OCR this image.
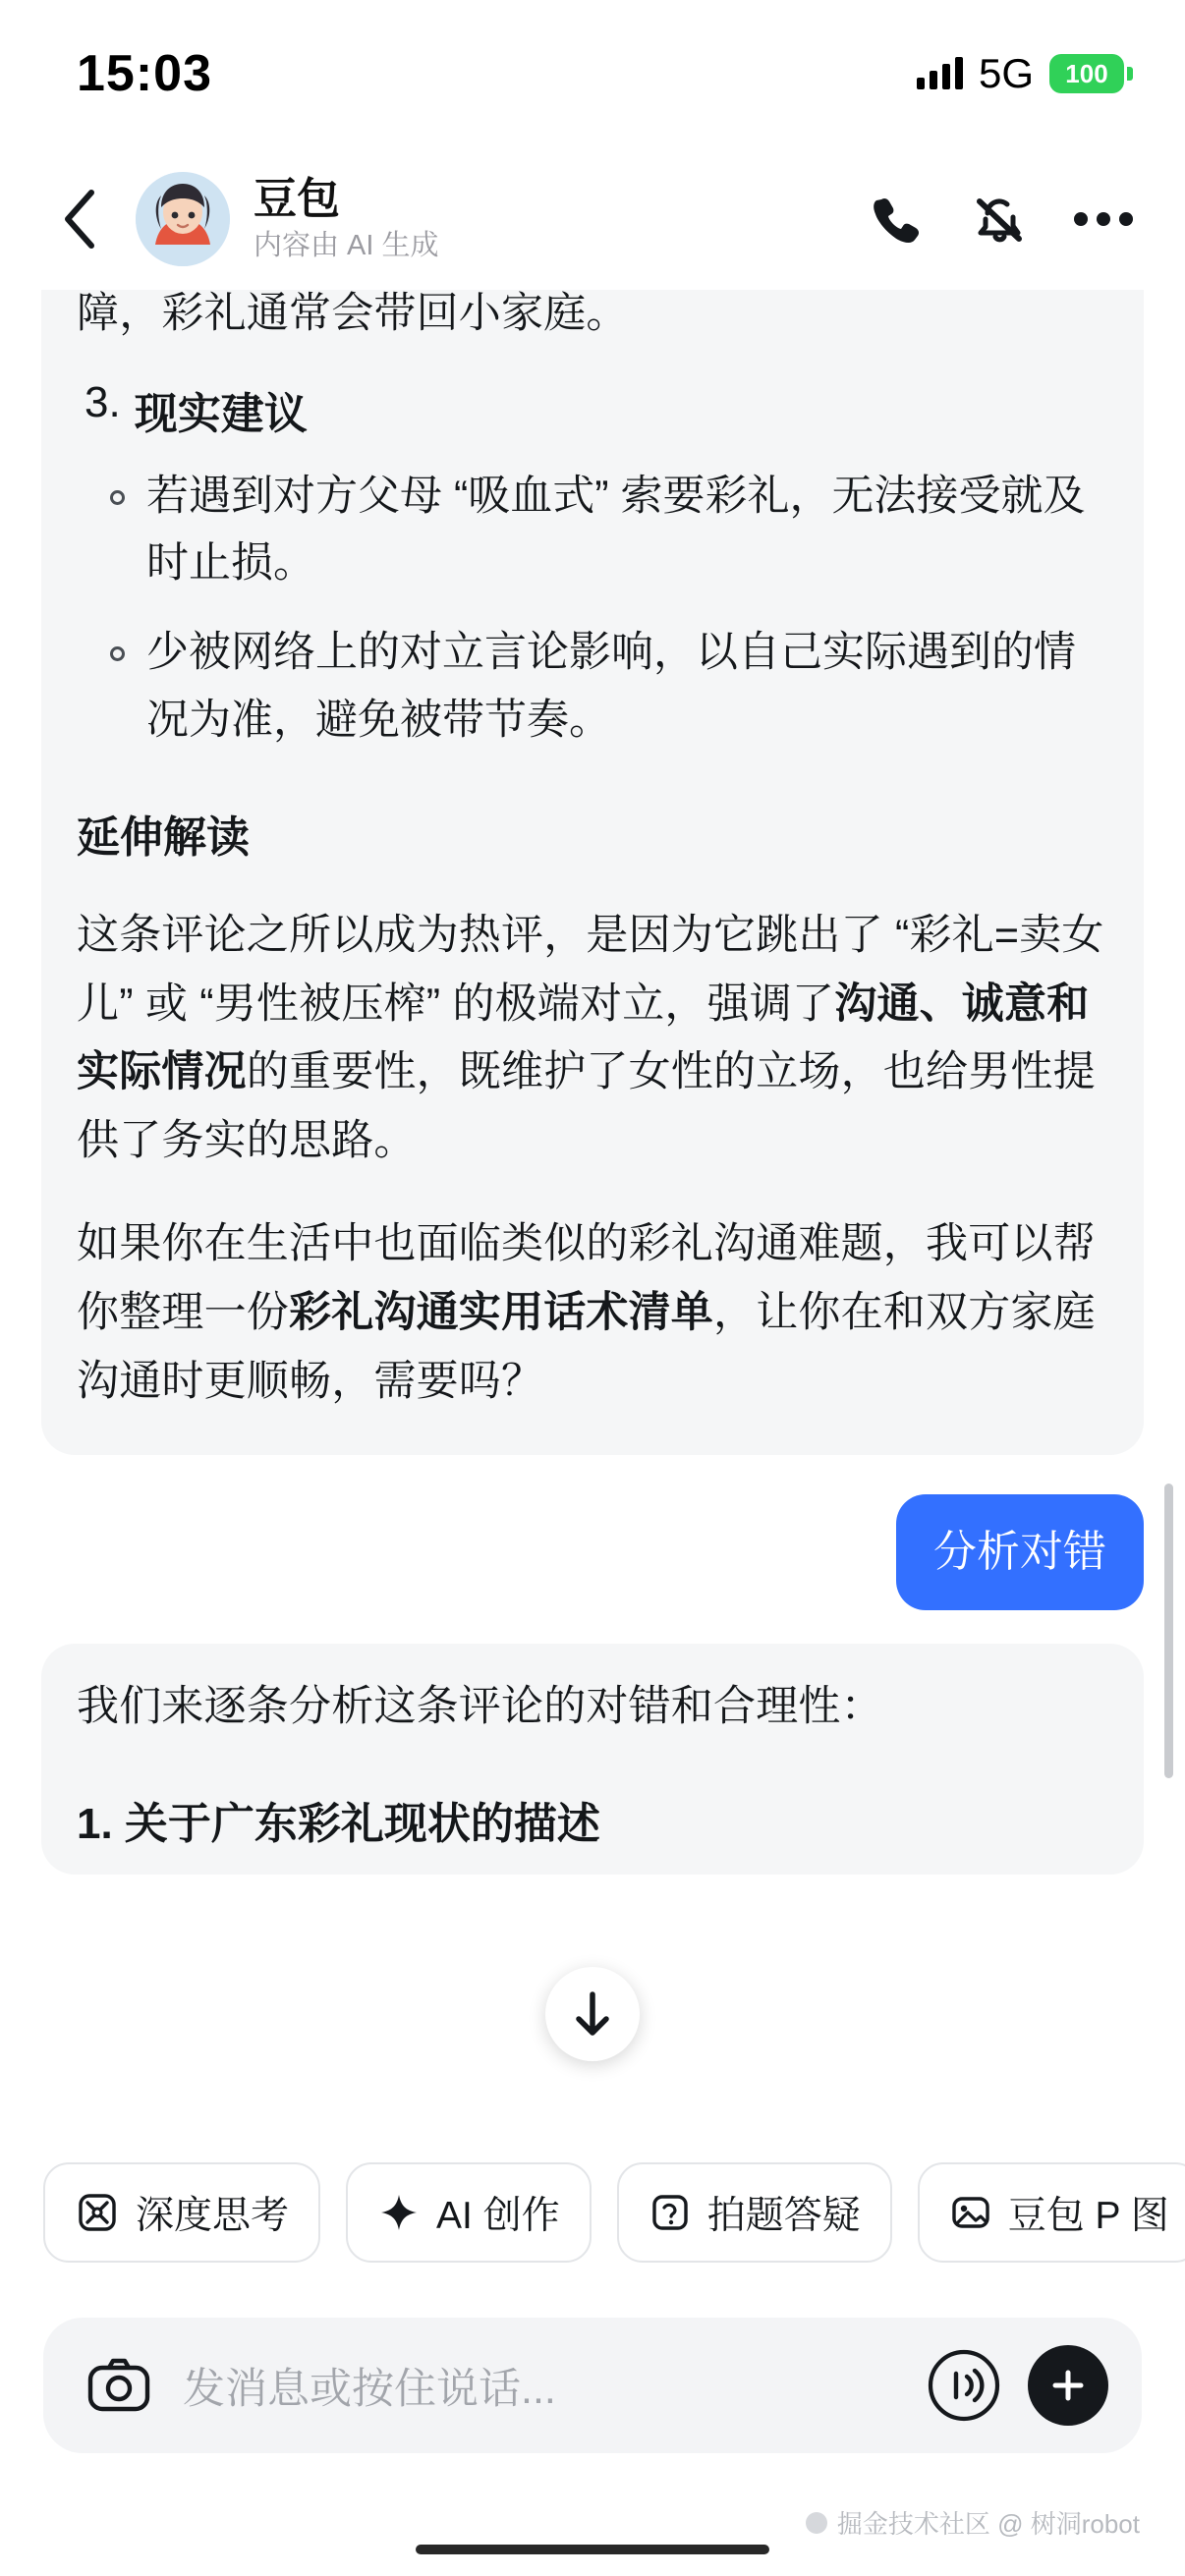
15:03	5G 100
豆包
内容由 AI 生成

障，彩礼通常会带回小家庭。

3. 现实建议
若遇到对方父母 “吸血式” 索要彩礼，无法接受就及时止损。
少被网络上的对立言论影响，以自己实际遇到的情况为准，避免被带节奏。
延伸解读

这条评论之所以成为热评，是因为它跳出了 “彩礼=卖女儿” 或 “男性被压榨” 的极端对立，强调了沟通、诚意和实际情况的重要性，既维护了女性的立场，也给男性提供了务实的思路。

如果你在生活中也面临类似的彩礼沟通难题，我可以帮你整理一份彩礼沟通实用话术清单，让你在和双方家庭沟通时更顺畅，需要吗？

分析对错

我们来逐条分析这条评论的对错和合理性：

1. 关于广东彩礼现状的描述
深度思考	AI 创作	拍题答疑	豆包 P 图
发消息或按住说话...
掘金技术社区 @ 树洞robot
